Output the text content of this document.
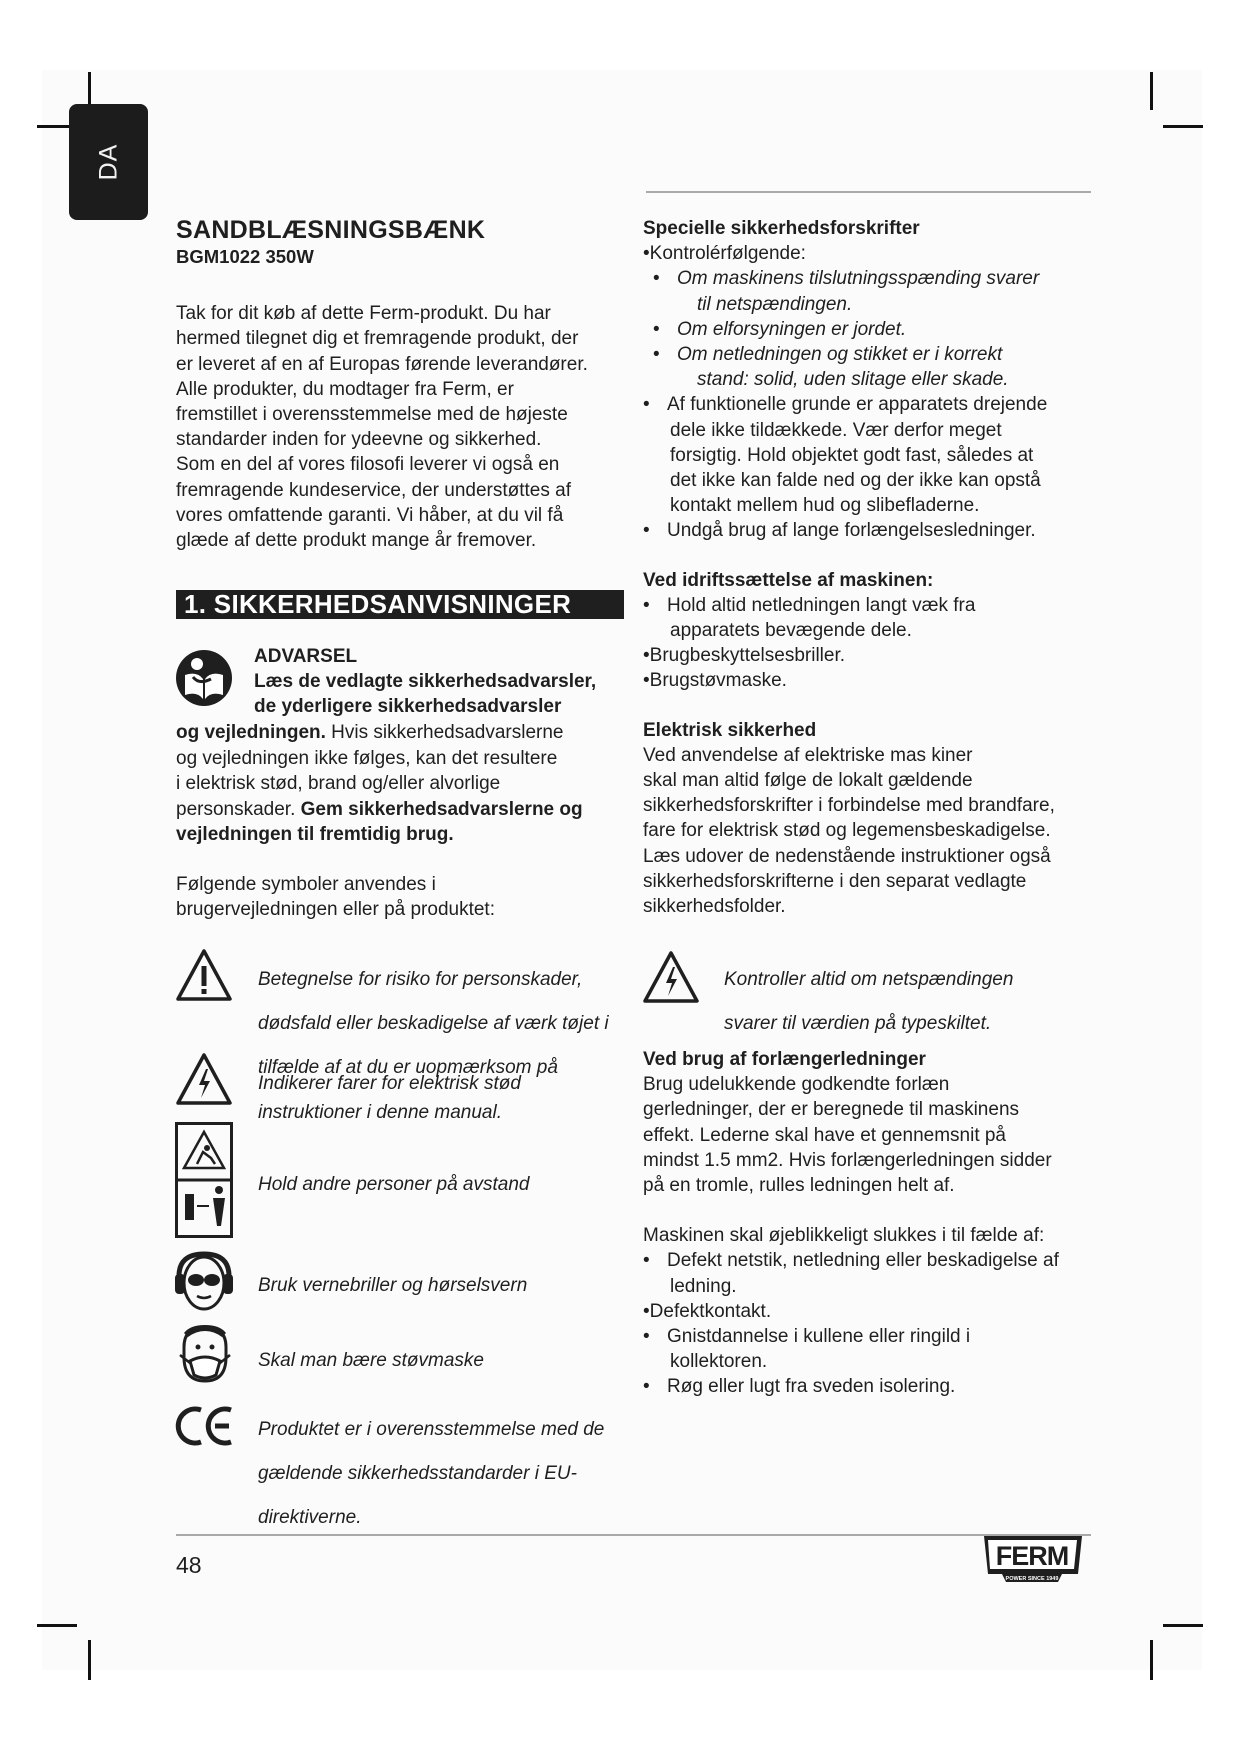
DA
SANDBLÆSNINGSBÆNK
BGM1022 350W

Tak for dit køb af dette Ferm-produkt. Du har

hermed tilegnet dig et fremragende produkt, der

er leveret af en af Europas førende leverandører.

Alle produkter, du modtager fra Ferm, er

fremstillet i overensstemmelse med de højeste

standarder inden for ydeevne og sikkerhed.

Som en del af vores filosofi leverer vi også en

fremragende kundeservice, der understøttes af

vores omfattende garanti. Vi håber, at du vil få

glæde af dette produkt mange år fremover.

1. SIKKERHEDSANVISNINGER
ADVARSEL
Læs de vedlagte sikkerhedsadvarsler,
de yderligere sikkerhedsadvarsler

og vejledningen. Hvis sikkerhedsadvarslerne

og vejledningen ikke følges, kan det resultere

i elektrisk stød, brand og/eller alvorlige

personskader. Gem sikkerhedsadvarslerne og

vejledningen til fremtidig brug.

Følgende symboler anvendes i

brugervejledningen eller på produktet:

Betegnelse for risiko for personskader,

dødsfald eller beskadigelse af værk tøjet i

tilfælde af at du er uopmærksom på

instruktioner i denne manual.

Indikerer farer for elektrisk stød
Hold andre personer på avstand
Bruk vernebriller og hørselsvern
Skal man bære støvmaske

Produktet er i overensstemmelse med de

gældende sikkerhedsstandarder i EU-

direktiverne.

Specielle sikkerhedsforskrifter

•Kontrolérfølgende:

• Om maskinens tilslutningsspænding svarer

til netspændingen.

• Om elforsyningen er jordet.

• Om netledningen og stikket er i korrekt

stand: solid, uden slitage eller skade.

• Af funktionelle grunde er apparatets drejende

dele ikke tildækkede. Vær derfor meget

forsigtig. Hold objektet godt fast, således at

det ikke kan falde ned og der ikke kan opstå

kontakt mellem hud og slibefladerne.

• Undgå brug af lange forlængelsesledninger.

Ved idriftssættelse af maskinen:

• Hold altid netledningen langt væk fra

apparatets bevægende dele.

• Brugbeskyttelsesbriller.

• Brugstøvmaske.

Elektrisk sikkerhed

Ved anvendelse af elektriske mas kiner

skal man altid følge de lokalt gældende

sikkerhedsforskrifter i forbindelse med brandfare,

fare for elektrisk stød og legemensbeskadigelse.

Læs udover de nedenstående instruktioner også

sikkerhedsforskrifterne i den separat vedlagte

sikkerhedsfolder.

Kontroller altid om netspændingen

svarer til værdien på typeskiltet.

Ved brug af forlængerledninger

Brug udelukkende godkendte forlæn

gerledninger, der er beregnede til maskinens

effekt. Lederne skal have et gennemsnit på

mindst 1.5 mm2. Hvis forlængerledningen sidder

på en tromle, rulles ledningen helt af.

Maskinen skal øjeblikkeligt slukkes i til fælde af:

• Defekt netstik, netledning eller beskadigelse af

ledning.

• Defektkontakt.

• Gnistdannelse i kullene eller ringild i

kollektoren.

• Røg eller lugt fra sveden isolering.

48	FERM
POWER SINCE 1949
